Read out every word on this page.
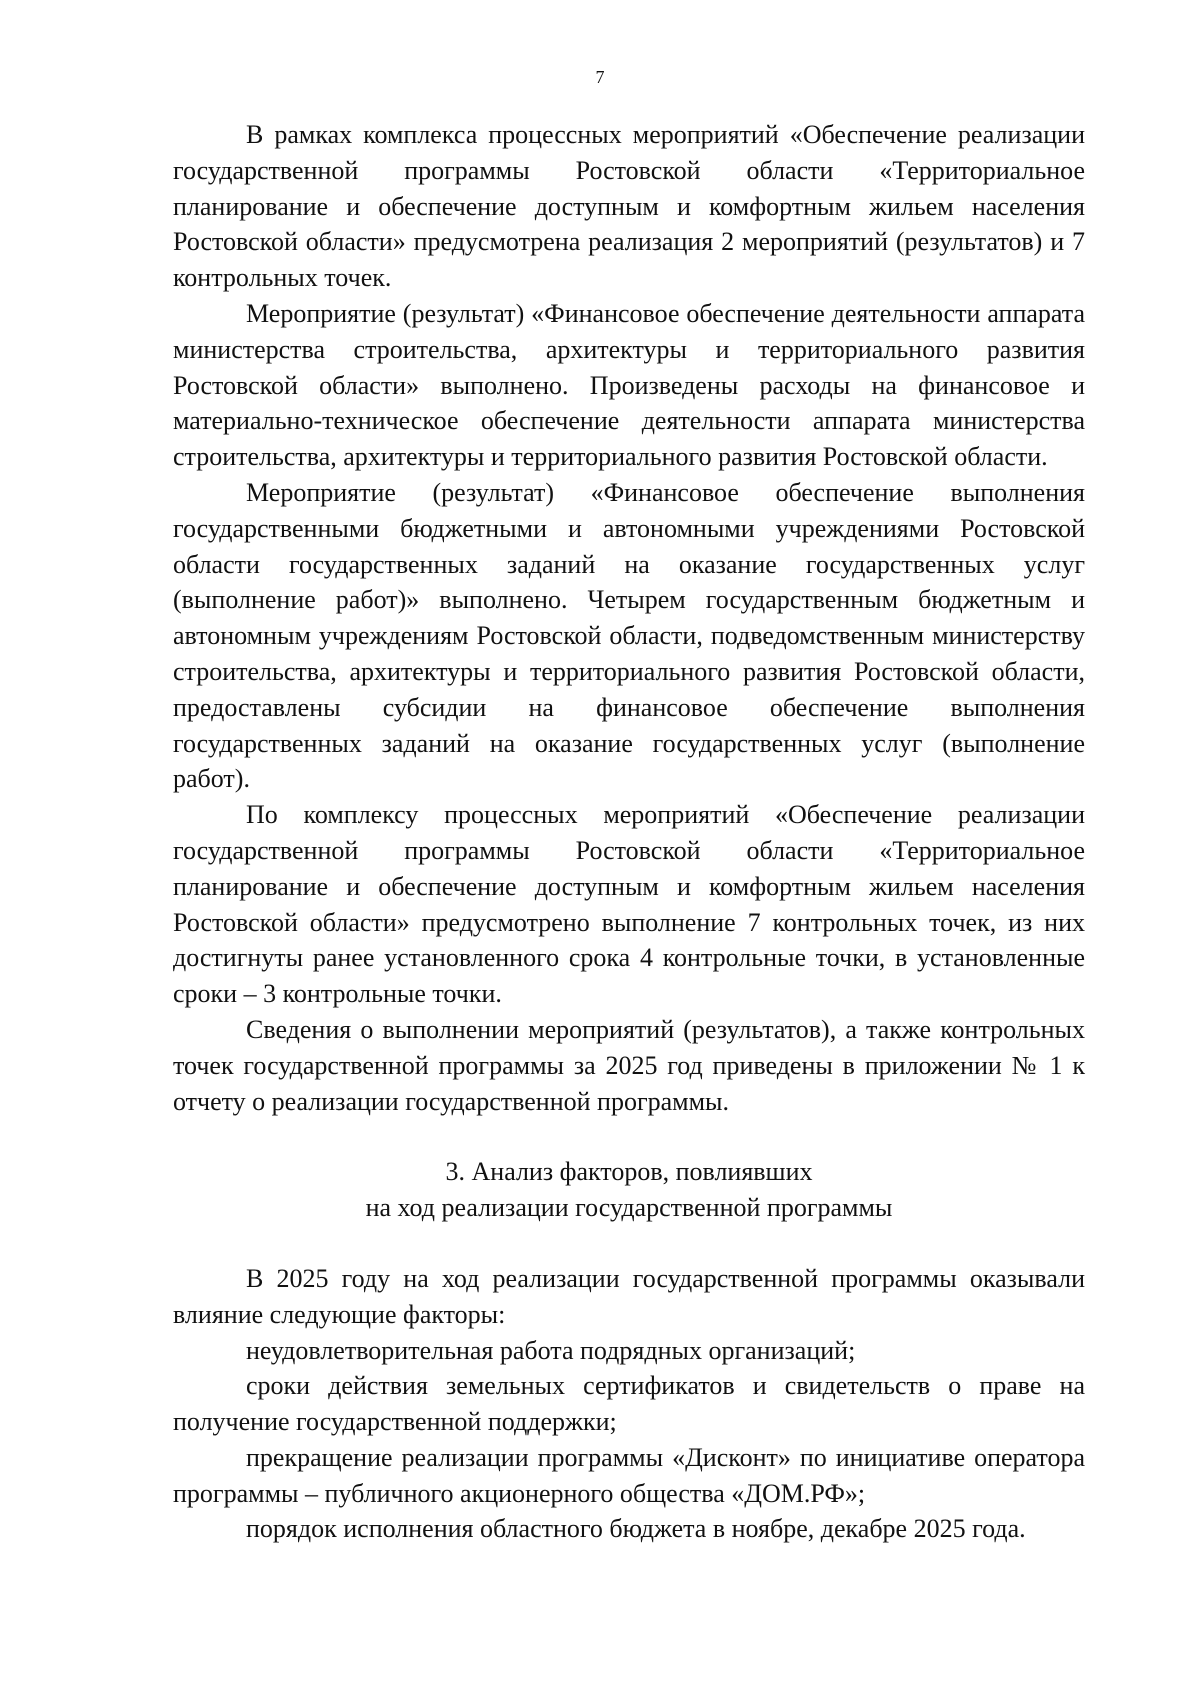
7

В рамках комплекса процессных мероприятий «Обеспечение реализации государственной программы Ростовской области «Территориальное планирование и обеспечение доступным и комфортным жильем населения Ростовской области» предусмотрена реализация 2 мероприятий (результатов) и 7 контрольных точек.

Мероприятие (результат) «Финансовое обеспечение деятельности аппарата министерства строительства, архитектуры и территориального развития Ростовской области» выполнено. Произведены расходы на финансовое и материально-техническое обеспечение деятельности аппарата министерства строительства, архитектуры и территориального развития Ростовской области.

Мероприятие (результат) «Финансовое обеспечение выполнения государственными бюджетными и автономными учреждениями Ростовской области государственных заданий на оказание государственных услуг (выполнение работ)» выполнено. Четырем государственным бюджетным и автономным учреждениям Ростовской области, подведомственным министерству строительства, архитектуры и территориального развития Ростовской области, предоставлены субсидии на финансовое обеспечение выполнения государственных заданий на оказание государственных услуг (выполнение работ).

По комплексу процессных мероприятий «Обеспечение реализации государственной программы Ростовской области «Территориальное планирование и обеспечение доступным и комфортным жильем населения Ростовской области» предусмотрено выполнение 7 контрольных точек, из них достигнуты ранее установленного срока 4 контрольные точки, в установленные сроки – 3 контрольные точки.

Сведения о выполнении мероприятий (результатов), а также контрольных точек государственной программы за 2025 год приведены в приложении № 1 к отчету о реализации государственной программы.

3. Анализ факторов, повлиявших
на ход реализации государственной программы

В 2025 году на ход реализации государственной программы оказывали влияние следующие факторы:

неудовлетворительная работа подрядных организаций;

сроки действия земельных сертификатов и свидетельств о праве на получение государственной поддержки;

прекращение реализации программы «Дисконт» по инициативе оператора программы – публичного акционерного общества «ДОМ.РФ»;

порядок исполнения областного бюджета в ноябре, декабре 2025 года.
